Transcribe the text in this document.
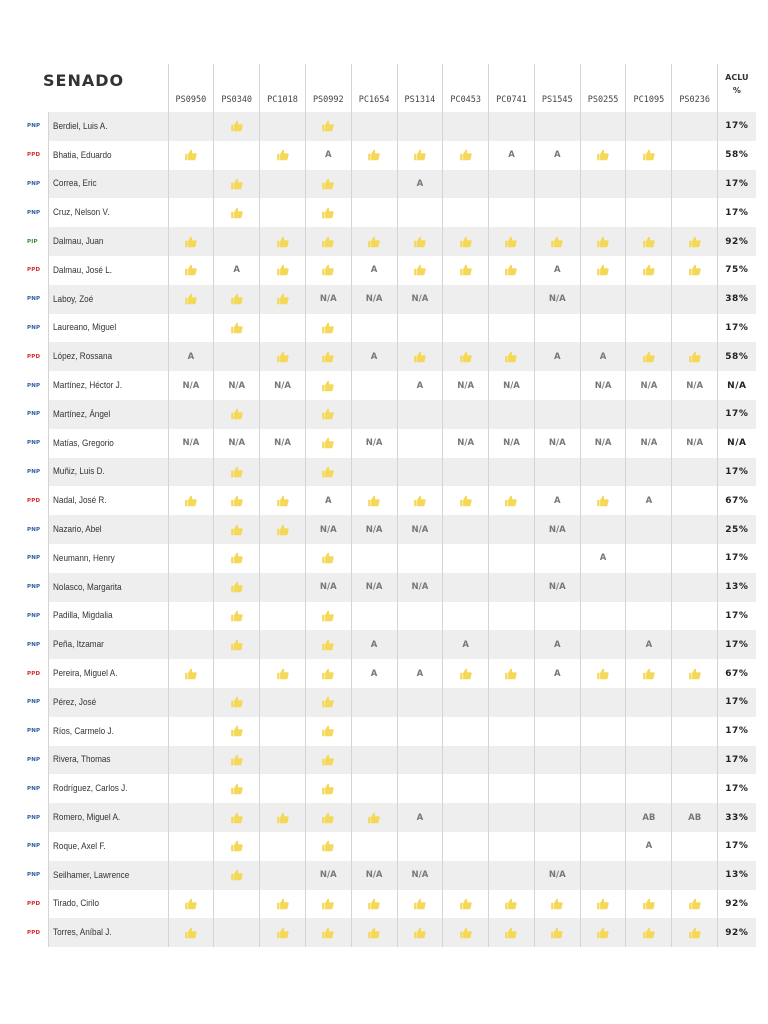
SENADO		PS0950	PS0340	PC1018	PS0992	PC1654	PS1314	PC0453	PC0741	PS1545	PS0255	PC1095	PS0236	ACLU
%

PNP	Berdiel, Luis A.													17%
PPD	Bhatia, Eduardo				A				A	A				58%
PNP	Correa, Eric						A							17%
PNP	Cruz, Nelson V.													17%
PIP	Dalmau, Juan													92%
PPD	Dalmau, José L.		A			A				A				75%
PNP	Laboy, Zoé				N/A	N/A	N/A			N/A				38%
PNP	Laureano, Miguel													17%
PPD	López, Rossana	A				A				A	A			58%
PNP	Martínez, Héctor J.	N/A	N/A	N/A			A	N/A	N/A		N/A	N/A	N/A	N/A
PNP	Martínez, Ángel													17%
PNP	Matías, Gregorio	N/A	N/A	N/A		N/A		N/A	N/A	N/A	N/A	N/A	N/A	N/A
PNP	Muñiz, Luis D.													17%
PPD	Nadal, José R.				A					A		A		67%
PNP	Nazario, Abel				N/A	N/A	N/A			N/A				25%
PNP	Neumann, Henry										A			17%
PNP	Nolasco, Margarita				N/A	N/A	N/A			N/A				13%
PNP	Padilla, Migdalia													17%
PNP	Peña, Itzamar					A		A		A		A		17%
PPD	Pereira, Miguel A.					A	A			A				67%
PNP	Pérez, José													17%
PNP	Ríos, Carmelo J.													17%
PNP	Rivera, Thomas													17%
PNP	Rodríguez, Carlos J.													17%
PNP	Romero, Miguel A.						A					AB	AB	33%
PNP	Roque, Axel F.											A		17%
PNP	Seilhamer, Lawrence				N/A	N/A	N/A			N/A				13%
PPD	Tirado, Cirilo													92%
PPD	Torres, Aníbal J.													92%
